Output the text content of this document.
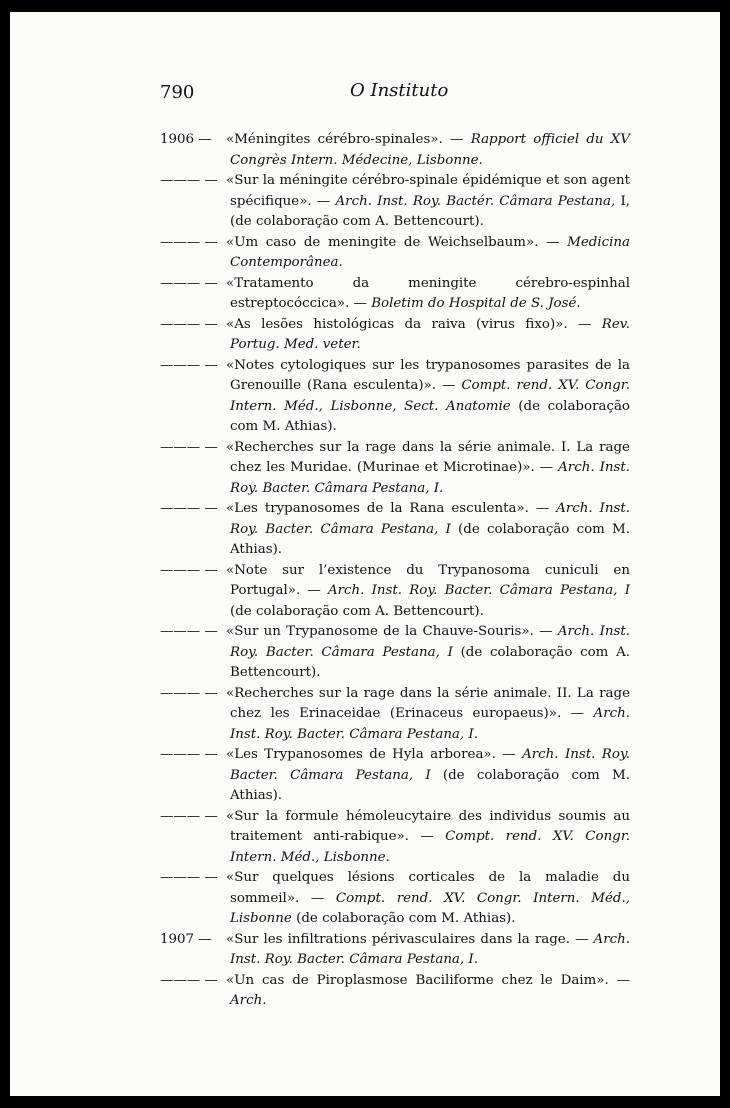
790	O Instituto
1906 — «Méningites cérébro-spinales». — Rapport officiel du XV Congrès Intern. Médecine, Lisbonne.
——— — «Sur la méningite cérébro-spinale épidémique et son agent spécifique». — Arch. Inst. Roy. Bactér. Câmara Pestana, I, (de colaboração com A. Bettencourt).
——— — «Um caso de meningite de Weichselbaum». — Medicina Contemporânea.
——— — «Tratamento da meningite cérebro-espinhal estreptocóccica». — Boletim do Hospital de S. José.
——— — «As lesões histológicas da raiva (virus fixo)». — Rev. Portug. Med. veter.
——— — «Notes cytologiques sur les trypanosomes parasites de la Grenouille (Rana esculenta)». — Compt. rend. XV. Congr. Intern. Méd., Lisbonne, Sect. Anatomie (de colaboração com M. Athias).
——— — «Recherches sur la rage dans la série animale. I. La rage chez les Muridae. (Murinae et Microtinae)». — Arch. Inst. Roy. Bacter. Câmara Pestana, I.
——— — «Les trypanosomes de la Rana esculenta». — Arch. Inst. Roy. Bacter. Câmara Pestana, I (de colaboração com M. Athias).
——— — «Note sur l’existence du Trypanosoma cuniculi en Portugal». — Arch. Inst. Roy. Bacter. Câmara Pestana, I (de colaboração com A. Bettencourt).
——— — «Sur un Trypanosome de la Chauve-Souris». — Arch. Inst. Roy. Bacter. Câmara Pestana, I (de colaboração com A. Bettencourt).
——— — «Recherches sur la rage dans la série animale. II. La rage chez les Erinaceidae (Erinaceus europaeus)». — Arch. Inst. Roy. Bacter. Câmara Pestana, I.
——— — «Les Trypanosomes de Hyla arborea». — Arch. Inst. Roy. Bacter. Câmara Pestana, I (de colaboração com M. Athias).
——— — «Sur la formule hémoleucytaire des individus soumis au traitement anti-rabique». — Compt. rend. XV. Congr. Intern. Méd., Lisbonne.
——— — «Sur quelques lésions corticales de la maladie du sommeil». — Compt. rend. XV. Congr. Intern. Méd., Lisbonne (de colaboração com M. Athias).
1907 — «Sur les infiltrations périvasculaires dans la rage. — Arch. Inst. Roy. Bacter. Câmara Pestana, I.
——— — «Un cas de Piroplasmose Baciliforme chez le Daim». — Arch.
